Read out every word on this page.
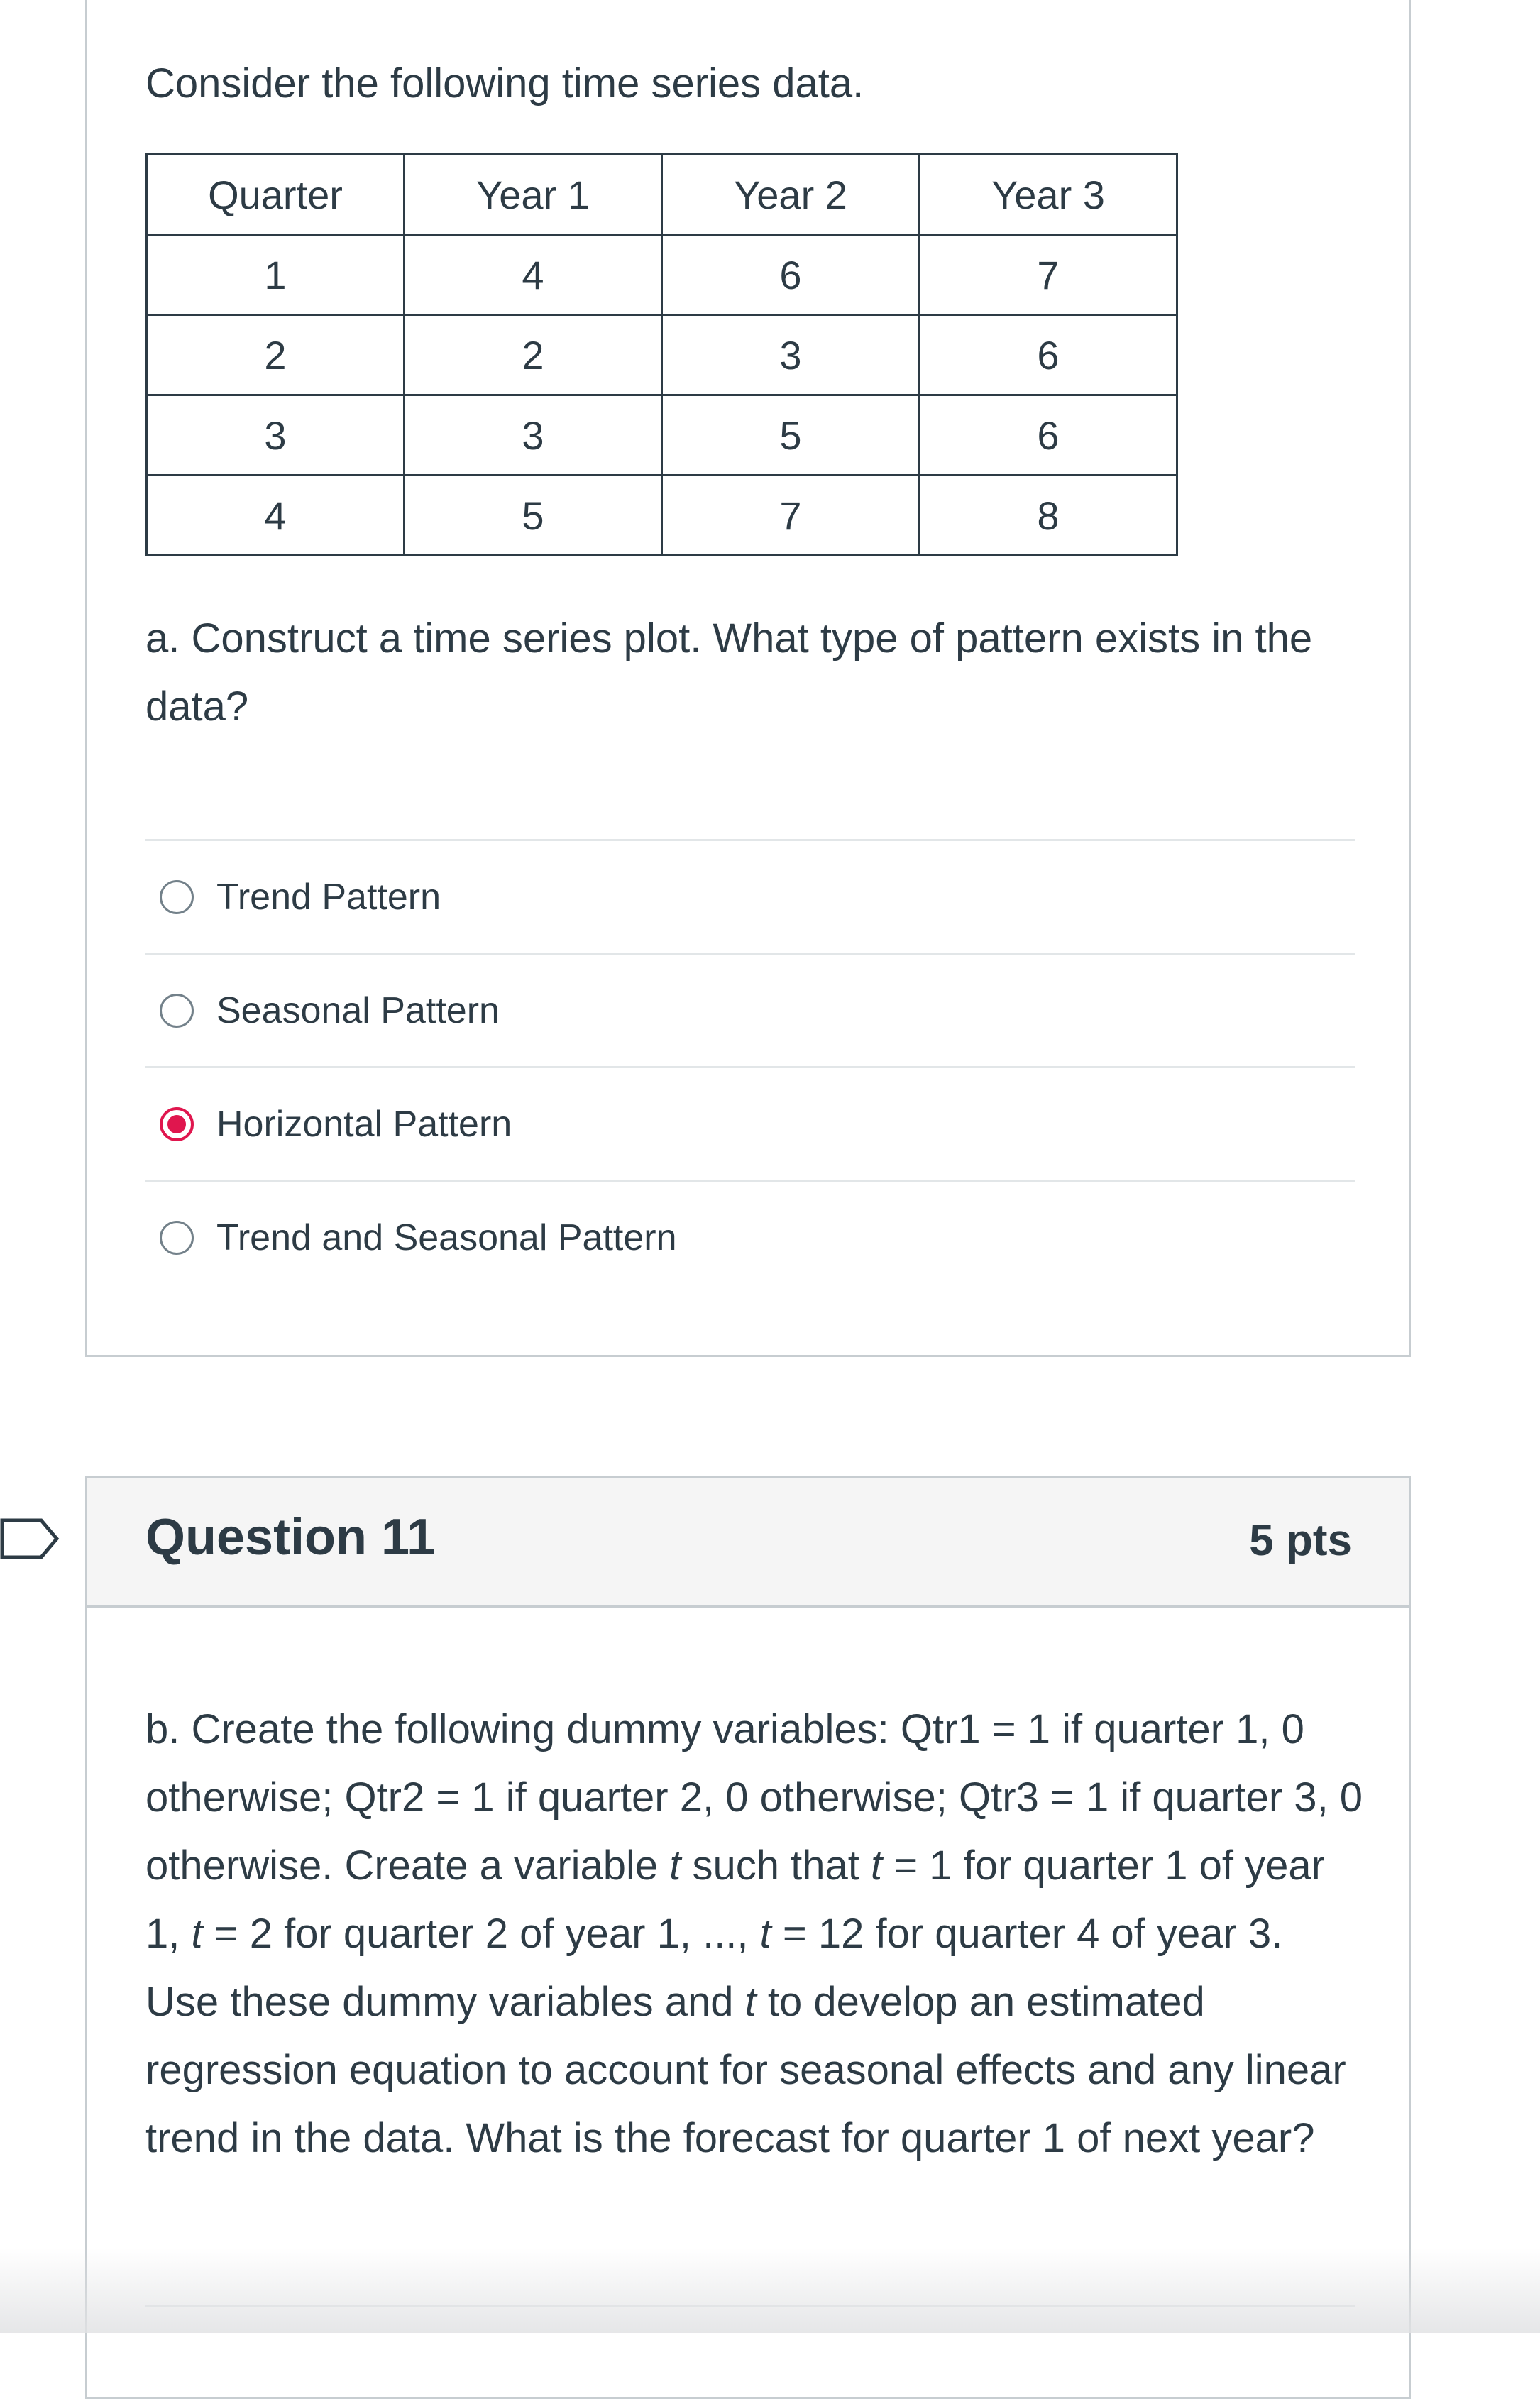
Consider the following time series data.

Quarter	Year 1	Year 2	Year 3
1	4	6	7
2	2	3	6
3	3	5	6
4	5	7	8

a. Construct a time series plot. What type of pattern exists in the data?

Trend Pattern
Seasonal Pattern
Horizontal Pattern
Trend and Seasonal Pattern
Question 11	5 pts

b. Create the following dummy variables: Qtr1 = 1 if quarter 1, 0 otherwise; Qtr2 = 1 if quarter 2, 0 otherwise; Qtr3 = 1 if quarter 3, 0 otherwise. Create a variable t such that t = 1 for quarter 1 of year 1, t = 2 for quarter 2 of year 1, ..., t = 12 for quarter 4 of year 3. Use these dummy variables and t to develop an estimated regression equation to account for seasonal effects and any linear trend in the data. What is the forecast for quarter 1 of next year?
